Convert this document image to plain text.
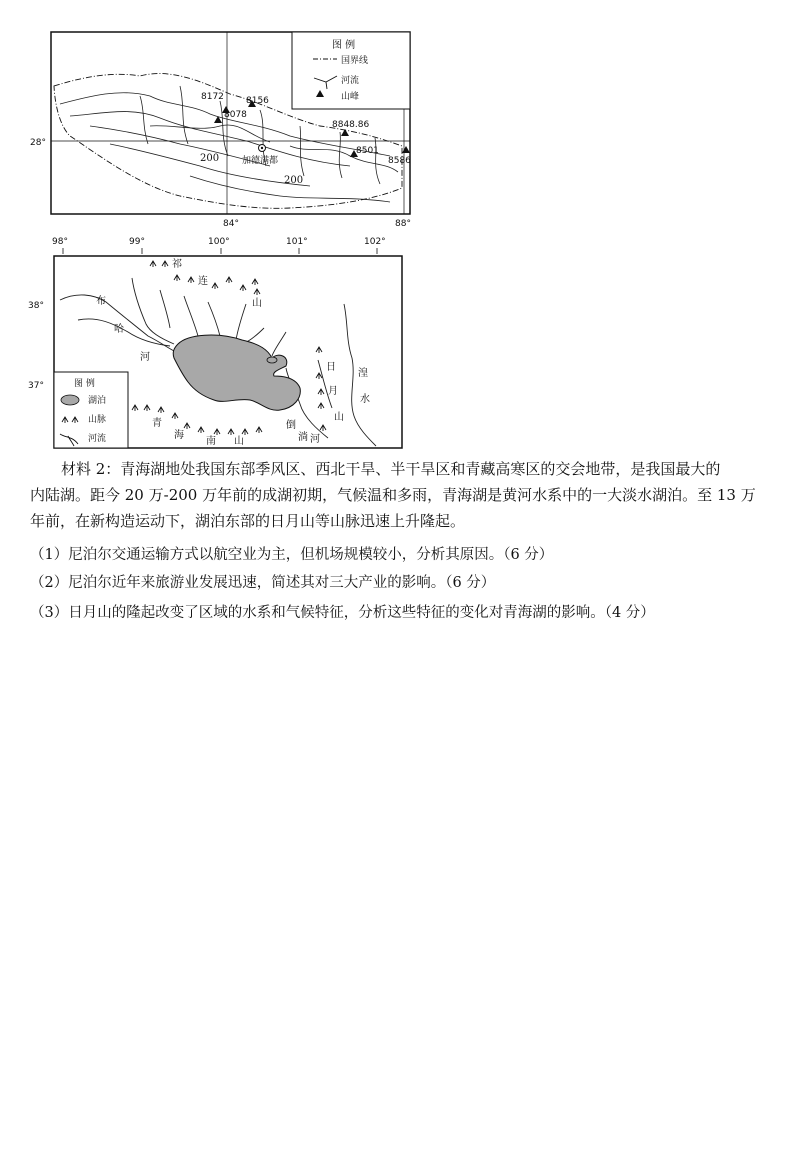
84°	88°
28°
8172 8156
8078
8848.86
8501
8586
200
200
加德满都
图 例
国界线
河流
山峰
98°	99°	100°	101°	102°
38°
37°
祁
连
山
布
哈
河
日
月
山
湟
水
青
海
南 山
倒
淌 河
图 例
湖泊
山脉
河流

材料 2：青海湖地处我国东部季风区、西北干旱、半干旱区和青藏高寒区的交会地带，是我国最大的

内陆湖。距今 20 万-200 万年前的成湖初期，气候温和多雨，青海湖是黄河水系中的一大淡水湖泊。至 13 万

年前，在新构造运动下，湖泊东部的日月山等山脉迅速上升隆起。

（1）尼泊尔交通运输方式以航空业为主，但机场规模较小，分析其原因。（6 分）
（2）尼泊尔近年来旅游业发展迅速，简述其对三大产业的影响。（6 分）
（3）日月山的隆起改变了区域的水系和气候特征，分析这些特征的变化对青海湖的影响。（4 分）
